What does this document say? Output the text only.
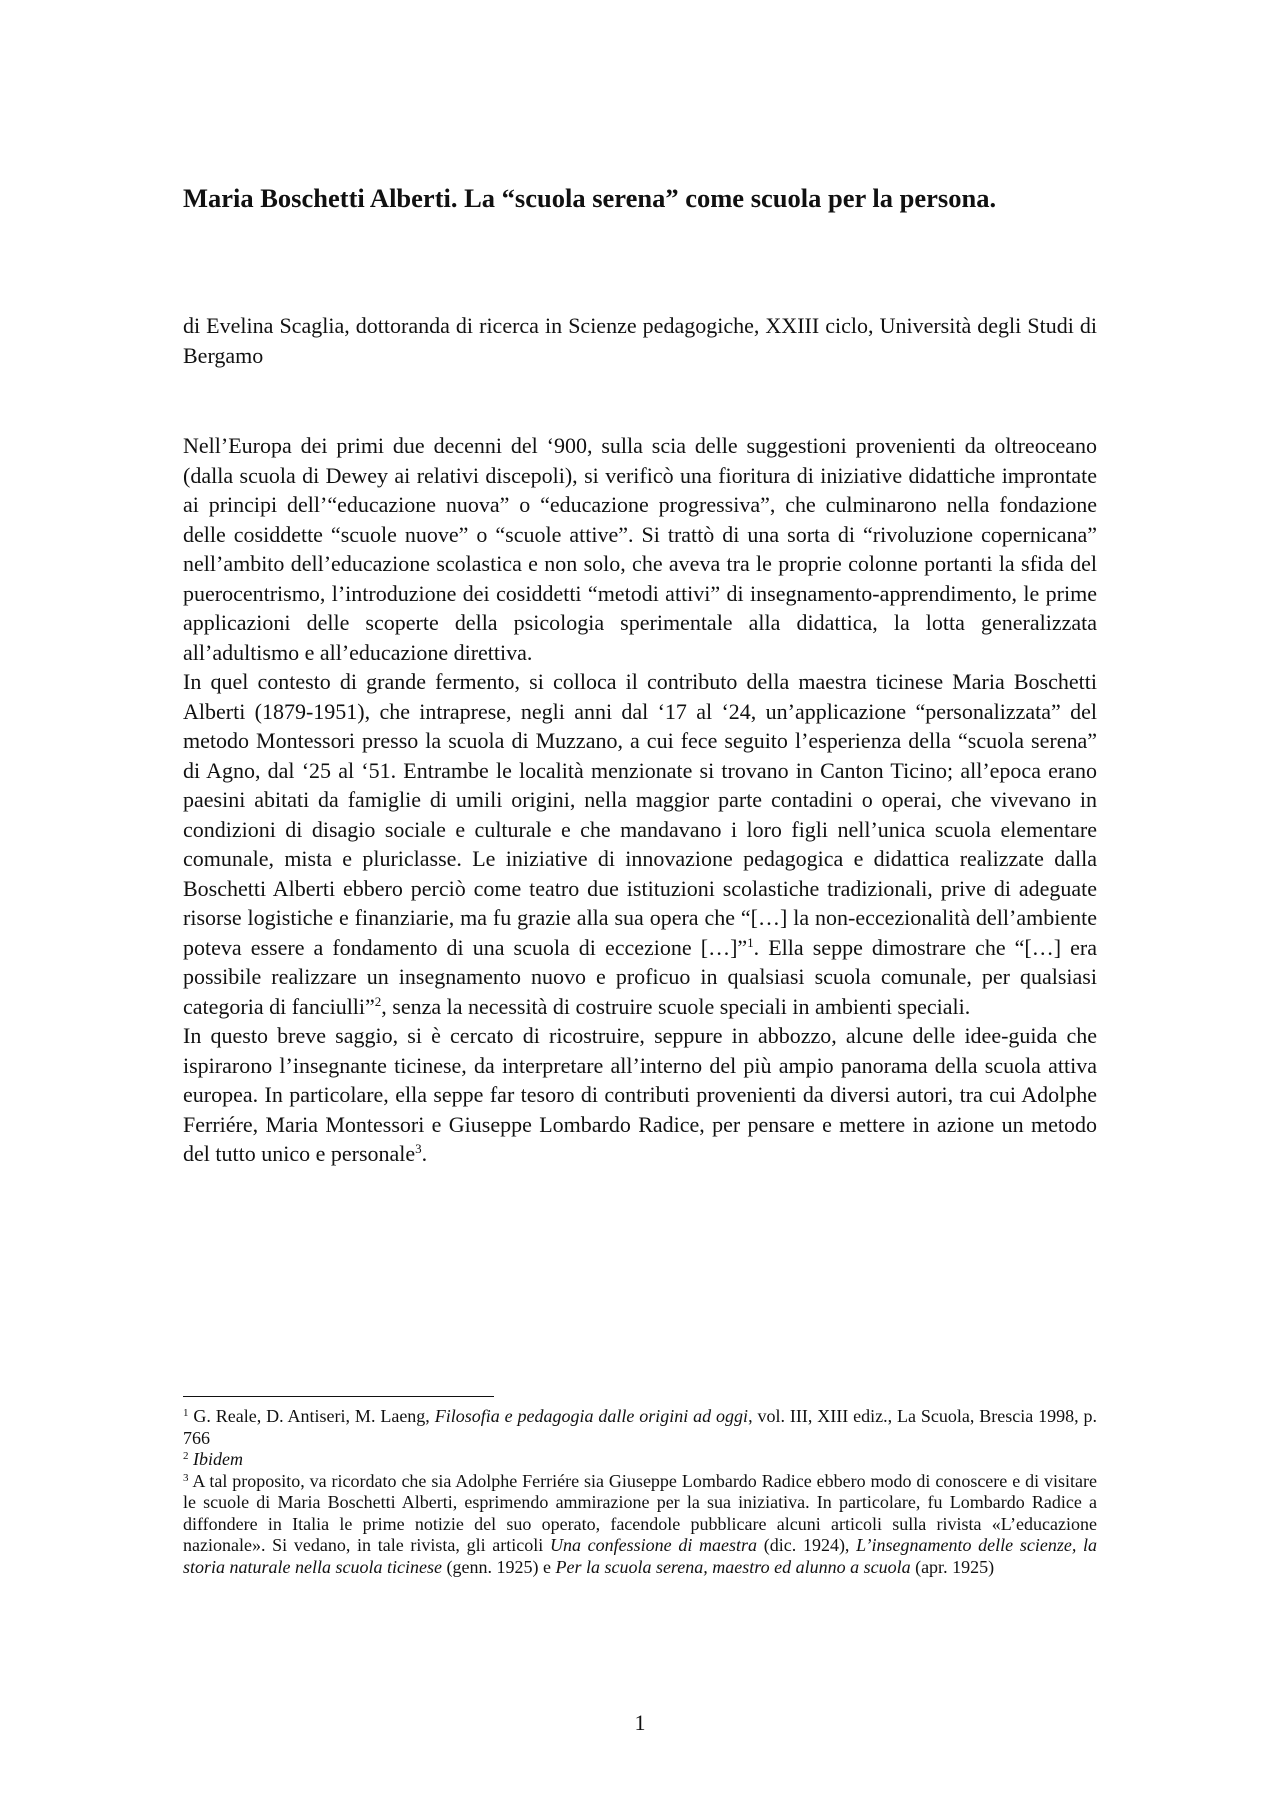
Maria Boschetti Alberti. La “scuola serena” come scuola per la persona.

di Evelina Scaglia, dottoranda di ricerca in Scienze pedagogiche, XXIII ciclo, Università degli Studi di Bergamo

Nell’Europa dei primi due decenni del ‘900, sulla scia delle suggestioni provenienti da oltreoceano (dalla scuola di Dewey ai relativi discepoli), si verificò una fioritura di iniziative didattiche improntate ai principi dell’“educazione nuova” o “educazione progressiva”, che culminarono nella fondazione delle cosiddette “scuole nuove” o “scuole attive”. Si trattò di una sorta di “rivoluzione copernicana” nell’ambito dell’educazione scolastica e non solo, che aveva tra le proprie colonne portanti la sfida del puerocentrismo, l’introduzione dei cosiddetti “metodi attivi” di insegnamento-apprendimento, le prime applicazioni delle scoperte della psicologia sperimentale alla didattica, la lotta generalizzata all’adultismo e all’educazione direttiva.

In quel contesto di grande fermento, si colloca il contributo della maestra ticinese Maria Boschetti Alberti (1879-1951), che intraprese, negli anni dal ‘17 al ‘24, un’applicazione “personalizzata” del metodo Montessori presso la scuola di Muzzano, a cui fece seguito l’esperienza della “scuola serena” di Agno, dal ‘25 al ‘51. Entrambe le località menzionate si trovano in Canton Ticino; all’epoca erano paesini abitati da famiglie di umili origini, nella maggior parte contadini o operai, che vivevano in condizioni di disagio sociale e culturale e che mandavano i loro figli nell’unica scuola elementare comunale, mista e pluriclasse. Le iniziative di innovazione pedagogica e didattica realizzate dalla Boschetti Alberti ebbero perciò come teatro due istituzioni scolastiche tradizionali, prive di adeguate risorse logistiche e finanziarie, ma fu grazie alla sua opera che “[…] la non-eccezionalità dell’ambiente poteva essere a fondamento di una scuola di eccezione […]”$^1$. Ella seppe dimostrare che “[…] era possibile realizzare un insegnamento nuovo e proficuo in qualsiasi scuola comunale, per qualsiasi categoria di fanciulli”$^2$, senza la necessità di costruire scuole speciali in ambienti speciali.

In questo breve saggio, si è cercato di ricostruire, seppure in abbozzo, alcune delle idee-guida che ispirarono l’insegnante ticinese, da interpretare all’interno del più ampio panorama della scuola attiva europea. In particolare, ella seppe far tesoro di contributi provenienti da diversi autori, tra cui Adolphe Ferriére, Maria Montessori e Giuseppe Lombardo Radice, per pensare e mettere in azione un metodo del tutto unico e personale$^3$.

$^1$ G. Reale, D. Antiseri, M. Laeng, Filosofia e pedagogia dalle origini ad oggi, vol. III, XIII ediz., La Scuola, Brescia 1998, p. 766

$^2$ Ibidem

$^3$ A tal proposito, va ricordato che sia Adolphe Ferriére sia Giuseppe Lombardo Radice ebbero modo di conoscere e di visitare le scuole di Maria Boschetti Alberti, esprimendo ammirazione per la sua iniziativa. In particolare, fu Lombardo Radice a diffondere in Italia le prime notizie del suo operato, facendole pubblicare alcuni articoli sulla rivista «L’educazione nazionale». Si vedano, in tale rivista, gli articoli Una confessione di maestra (dic. 1924), L’insegnamento delle scienze, la storia naturale nella scuola ticinese (genn. 1925) e Per la scuola serena, maestro ed alunno a scuola (apr. 1925)

1
